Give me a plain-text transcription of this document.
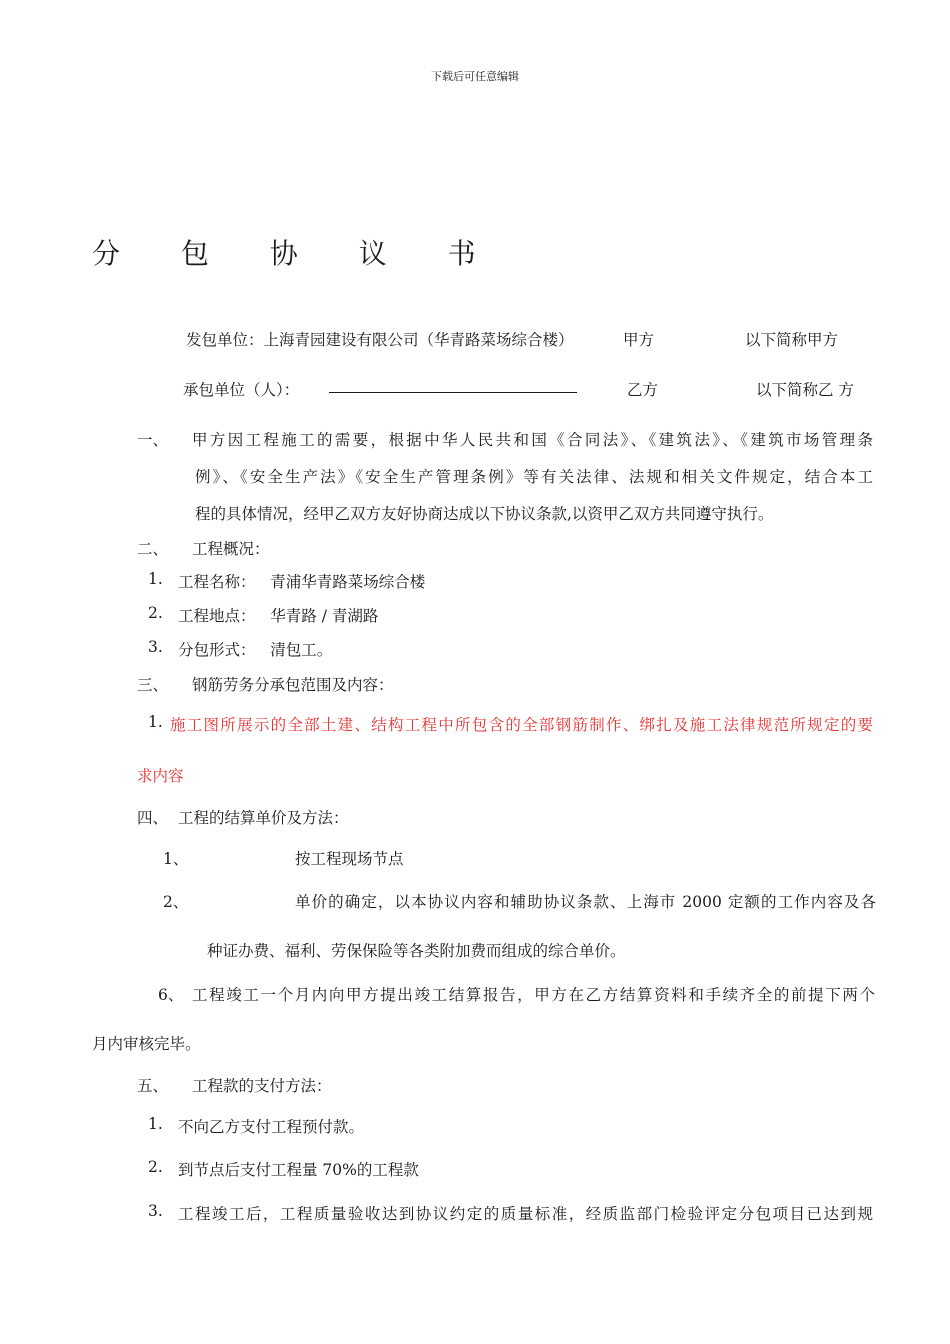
下载后可任意编辑
分 包 协 议 书
发包单位：上海青园建设有限公司（华青路菜场综合楼）	甲方	以下简称甲方
承包单位（人）：	乙方	以下简称乙 方
一、 甲方因工程施工的需要，根据中华人民共和国《合同法》、《建筑法》、《建筑市场管理条
例》、《安全生产法》《安全生产管理条例》等有关法律、法规和相关文件规定，结合本工
程的具体情况，经甲乙双方友好协商达成以下协议条款,以资甲乙双方共同遵守执行。
二、 工程概况：
1. 工程名称：   青浦华青路菜场综合楼
2. 工程地点：   华青路 / 青湖路
3. 分包形式：   清包工。
三、 钢筋劳务分承包范围及内容：
1. 施工图所展示的全部土建、结构工程中所包含的全部钢筋制作、绑扎及施工法律规范所规定的要
求内容
四、 工程的结算单价及方法：
1、	按工程现场节点
2、	单价的确定，以本协议内容和辅助协议条款、上海市 2000 定额的工作内容及各
种证办费、福利、劳保保险等各类附加费而组成的综合单价。
6、 工程竣工一个月内向甲方提出竣工结算报告，甲方在乙方结算资料和手续齐全的前提下两个
月内审核完毕。
五、 工程款的支付方法：
1. 不向乙方支付工程预付款。
2. 到节点后支付工程量 70%的工程款
3. 工程竣工后，工程质量验收达到协议约定的质量标准，经质监部门检验评定分包项目已达到规
